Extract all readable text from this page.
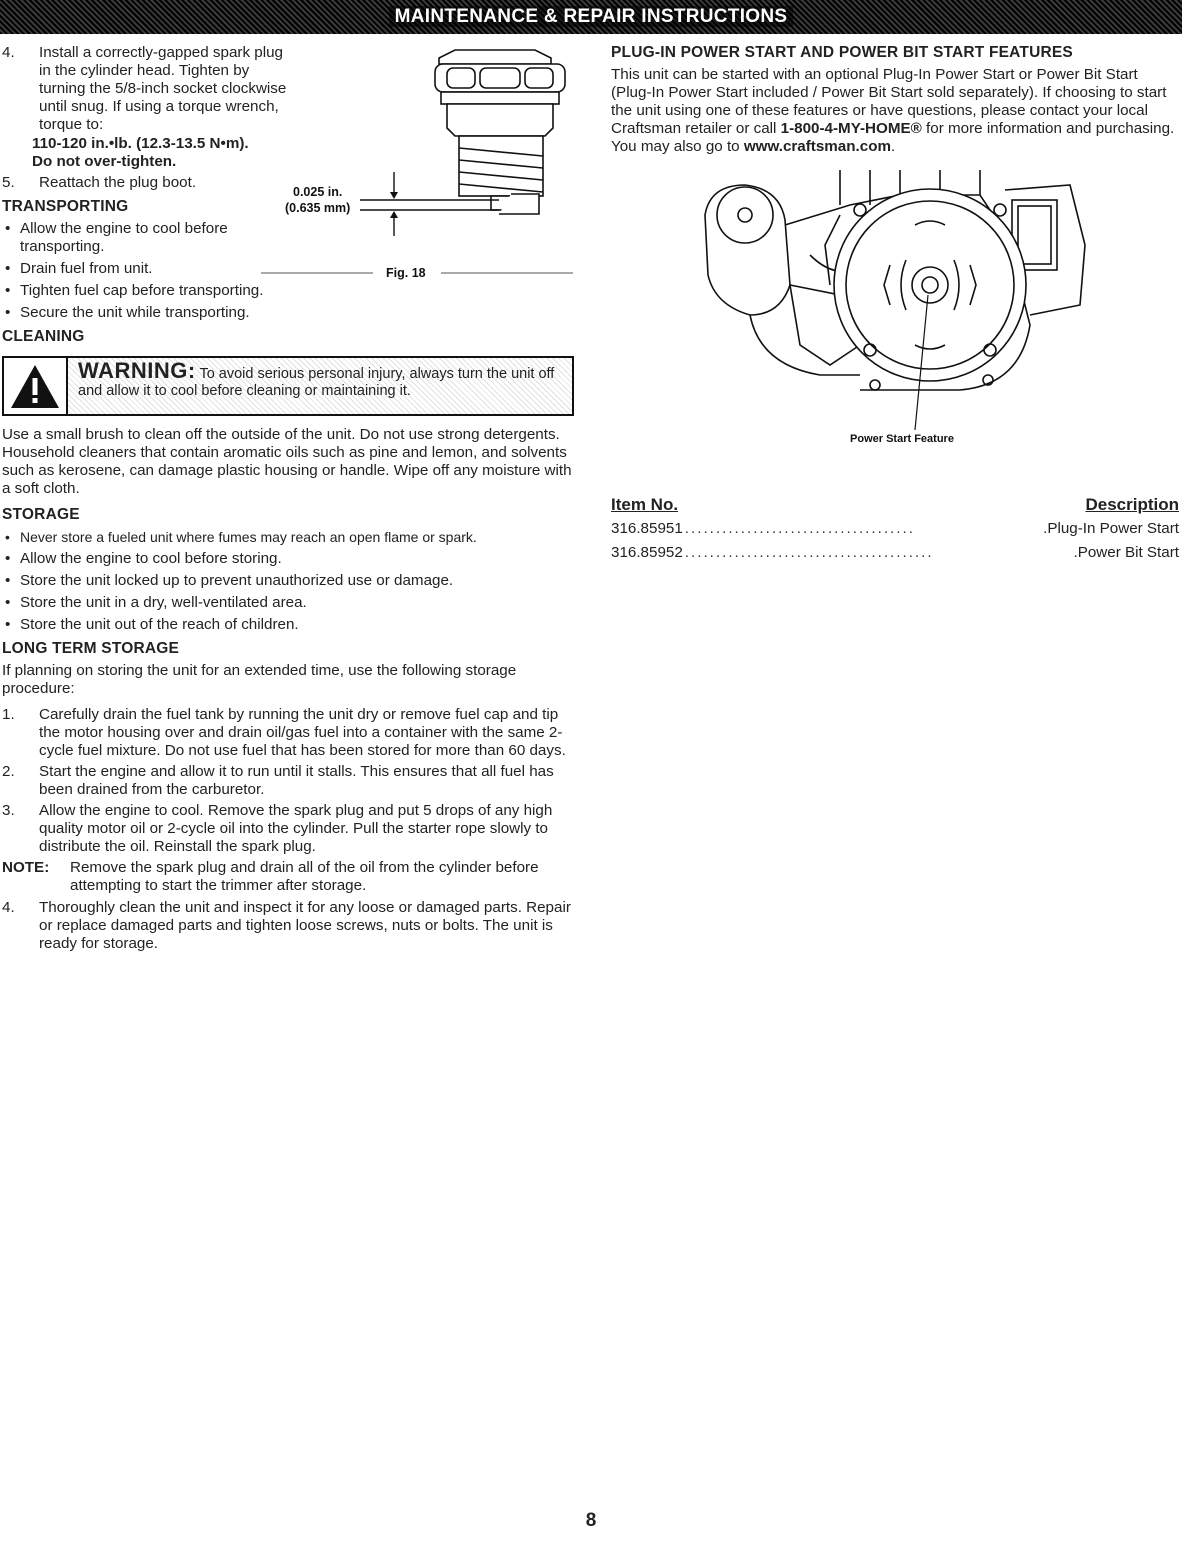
MAINTENANCE & REPAIR INSTRUCTIONS
4. Install a correctly-gapped spark plug in the cylinder head. Tighten by turning the 5/8-inch socket clockwise until snug. If using a torque wrench, torque to:
110-120 in.•lb. (12.3-13.5 N•m). Do not over-tighten.
5. Reattach the plug boot.
TRANSPORTING
• Allow the engine to cool before transporting.
• Drain fuel from unit.
• Tighten fuel cap before transporting.
• Secure the unit while transporting.
CLEANING
WARNING: To avoid serious personal injury, always turn the unit off and allow it to cool before cleaning or maintaining it.

Use a small brush to clean off the outside of the unit. Do not use strong detergents. Household cleaners that contain aromatic oils such as pine and lemon, and solvents such as kerosene, can damage plastic housing or handle. Wipe off any moisture with a soft cloth.

STORAGE
• Never store a fueled unit where fumes may reach an open flame or spark.
• Allow the engine to cool before storing.
• Store the unit locked up to prevent unauthorized use or damage.
• Store the unit in a dry, well-ventilated area.
• Store the unit out of the reach of children.
LONG TERM STORAGE

If planning on storing the unit for an extended time, use the following storage procedure:

1. Carefully drain the fuel tank by running the unit dry or remove fuel cap and tip the motor housing over and drain oil/gas fuel into a container with the same 2-cycle fuel mixture. Do not use fuel that has been stored for more than 60 days.
2. Start the engine and allow it to run until it stalls. This ensures that all fuel has been drained from the carburetor.
3. Allow the engine to cool. Remove the spark plug and put 5 drops of any high quality motor oil or 2-cycle oil into the cylinder. Pull the starter rope slowly to distribute the oil. Reinstall the spark plug.
NOTE: Remove the spark plug and drain all of the oil from the cylinder before attempting to start the trimmer after storage.
4. Thoroughly clean the unit and inspect it for any loose or damaged parts. Repair or replace damaged parts and tighten loose screws, nuts or bolts. The unit is ready for storage.
0.025 in.
(0.635 mm)
Fig. 18
PLUG-IN POWER START AND POWER BIT START FEATURES

This unit can be started with an optional Plug-In Power Start or Power Bit Start (Plug-In Power Start included / Power Bit Start sold separately). If choosing to start the unit using one of these features or have questions, please contact your local Craftsman retailer or call 1-800-4-MY-HOME® for more information and purchasing. You may also go to www.craftsman.com.

Item No.	Description
316.85951 .....................................	.Plug-In Power Start
316.85952 ........................................	.Power Bit Start
Power Start Feature
8
